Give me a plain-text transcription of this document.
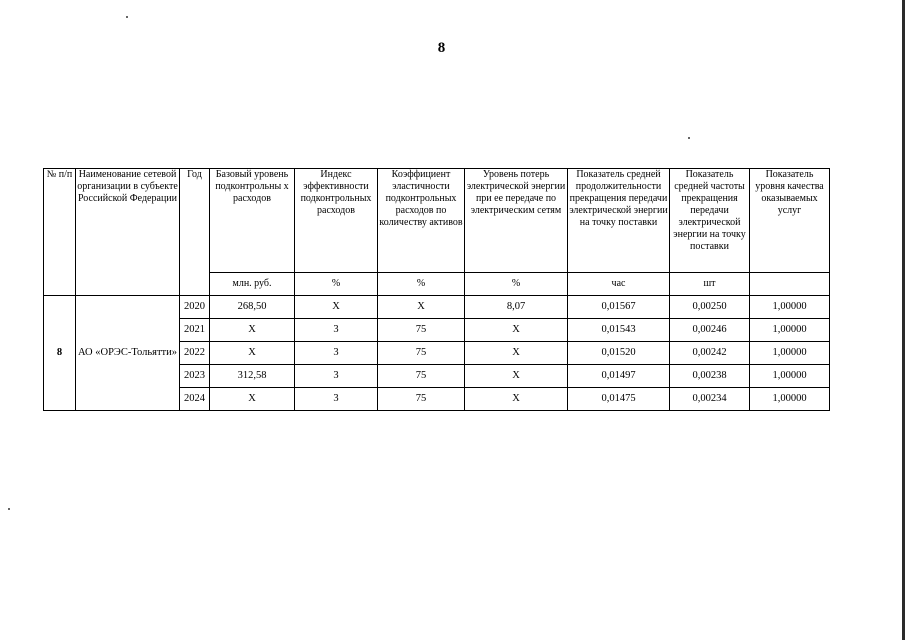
8
№ п/п	Наименование сетевой организации в субъекте Российской Федерации	Год	Базовый уровень подконтрольны х расходов	Индекс эффективности подконтрольных расходов	Коэффициент эластичности подконтрольных расходов по количеству активов	Уровень потерь электрической энергии при ее передаче по электрическим сетям	Показатель средней продолжительности прекращения передачи электрической энергии на точку поставки	Показатель средней частоты прекращения передачи электрической энергии на точку поставки	Показатель уровня качества оказываемых услуг
			млн. руб.	%	%	%	час	шт	
8	АО «ОРЭС-Тольятти»	2020	268,50	X	X	8,07	0,01567	0,00250	1,00000
		2021	X	3	75	X	0,01543	0,00246	1,00000
		2022	X	3	75	X	0,01520	0,00242	1,00000
		2023	312,58	3	75	X	0,01497	0,00238	1,00000
		2024	X	3	75	X	0,01475	0,00234	1,00000
